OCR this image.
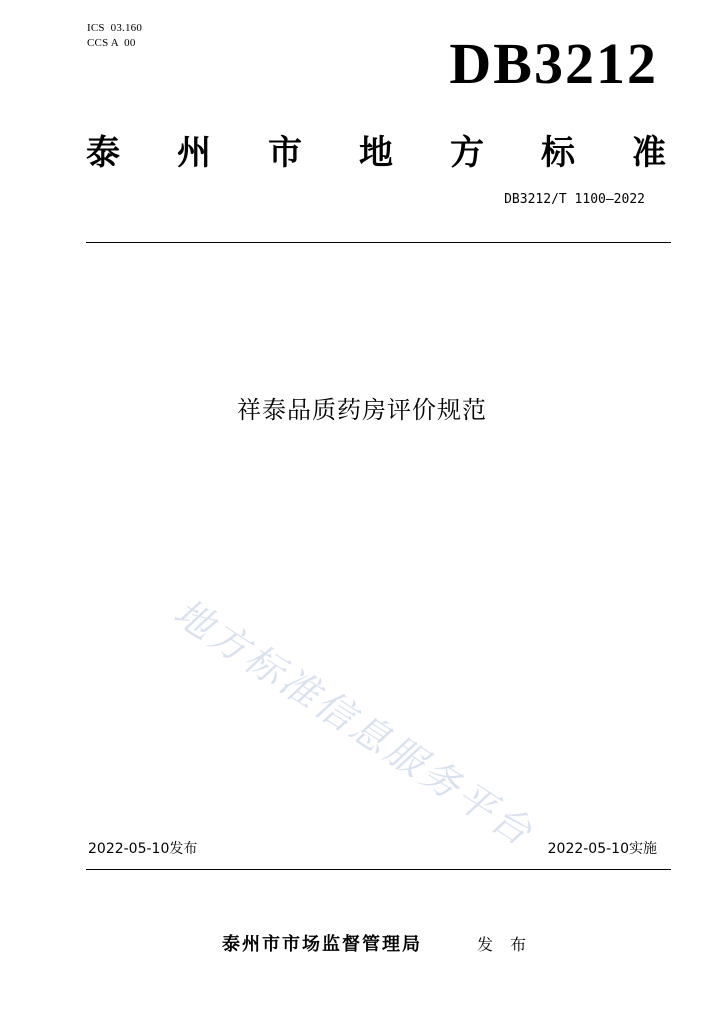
ICS  03.160
CCS A  00	DB3212
泰 州 市 地 方 标 准
DB3212/T 1100—2022
祥泰品质药房评价规范
地方标准信息服务平台
2022-05-10发布	2022-05-10实施
泰州市市场监督管理局	发 布
